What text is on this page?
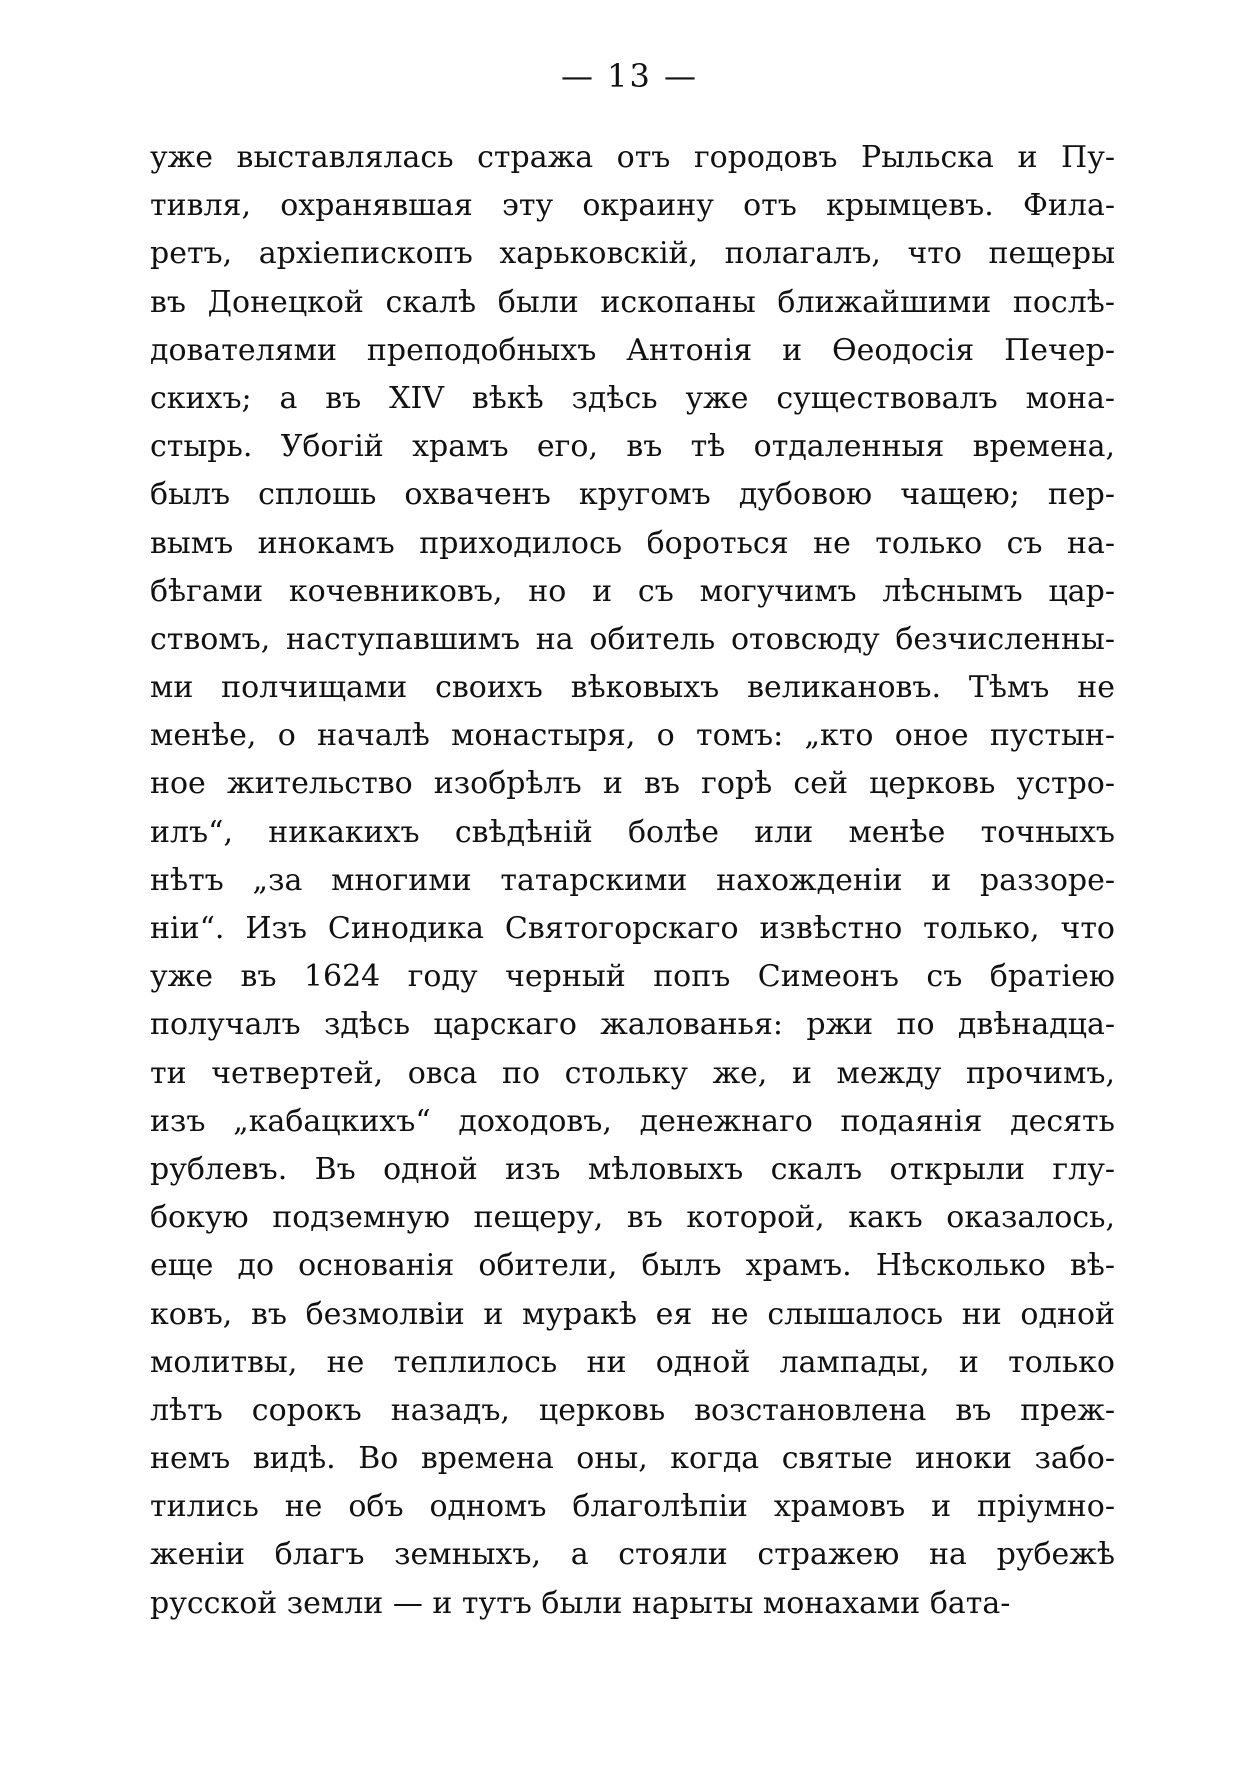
— 13 —
уже выставлялась стража отъ городовъ Рыльска и Пу-
тивля, охранявшая эту окраину отъ крымцевъ. Фила-
ретъ, архіепископъ харьковскій, полагалъ, что пещеры
въ Донецкой скалѣ были ископаны ближайшими послѣ-
дователями преподобныхъ Антонія и Ѳеодосія Печер-
скихъ; а въ XIV вѣкѣ здѣсь уже существовалъ мона-
стырь. Убогій храмъ его, въ тѣ отдаленныя времена,
былъ сплошь охваченъ кругомъ дубовою чащею; пер-
вымъ инокамъ приходилось бороться не только съ на-
бѣгами кочевниковъ, но и съ могучимъ лѣснымъ цар-
ствомъ, наступавшимъ на обитель отовсюду безчисленны-
ми полчищами своихъ вѣковыхъ великановъ. Тѣмъ не
менѣе, о началѣ монастыря, о томъ: „кто оное пустын-
ное жительство изобрѣлъ и въ горѣ сей церковь устро-
илъ“, никакихъ свѣдѣній болѣе или менѣе точныхъ
нѣтъ „за многими татарскими нахожденіи и раззоре-
ніи“. Изъ Синодика Святогорскаго извѣстно только, что
уже въ 1624 году черный попъ Симеонъ съ братіею
получалъ здѣсь царскаго жалованья: ржи по двѣнадца-
ти четвертей, овса по стольку же, и между прочимъ,
изъ „кабацкихъ“ доходовъ, денежнаго подаянія десять
рублевъ. Въ одной изъ мѣловыхъ скалъ открыли глу-
бокую подземную пещеру, въ которой, какъ оказалось,
еще до основанія обители, былъ храмъ. Нѣсколько вѣ-
ковъ, въ безмолвіи и муракѣ ея не слышалось ни одной
молитвы, не теплилось ни одной лампады, и только
лѣтъ сорокъ назадъ, церковь возстановлена въ преж-
немъ видѣ. Во времена оны, когда святые иноки забо-
тились не объ одномъ благолѣпіи храмовъ и пріумно-
женіи благъ земныхъ, а стояли стражею на рубежѣ
русской земли — и тутъ были нарыты монахами бата-
